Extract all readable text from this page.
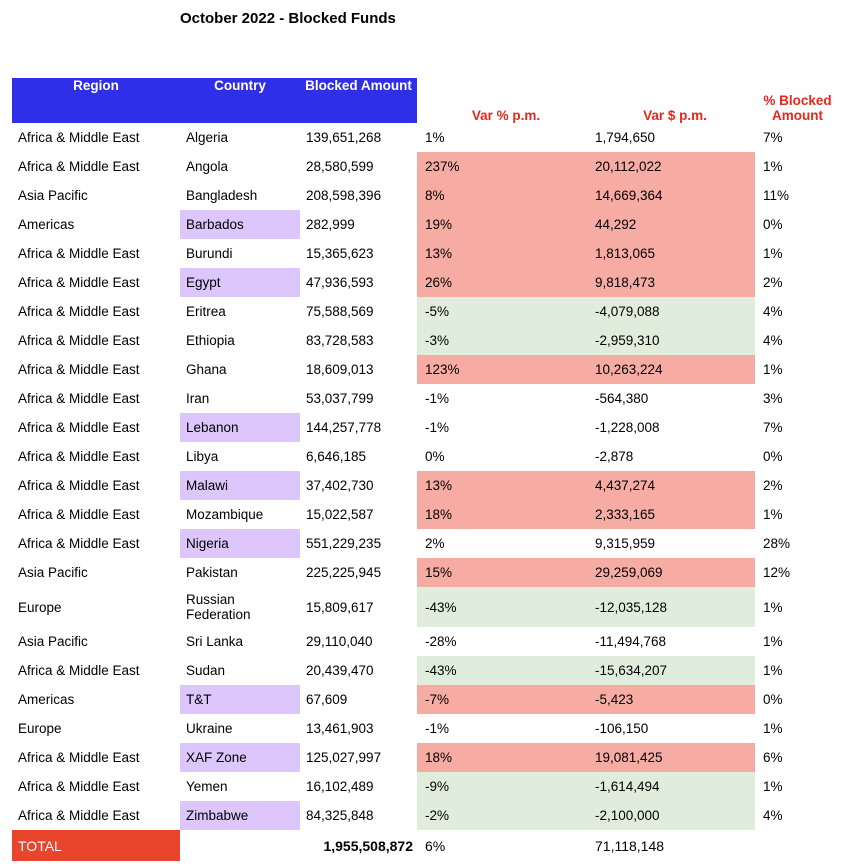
October 2022 - Blocked Funds
Region	Country	Blocked Amount	Var % p.m.	Var $ p.m.	% Blocked
Amount

Africa & Middle East	Algeria	139,651,268	1%	1,794,650	7%
Africa & Middle East	Angola	28,580,599	237%	20,112,022	1%
Asia Pacific	Bangladesh	208,598,396	8%	14,669,364	11%
Americas	Barbados	282,999	19%	44,292	0%
Africa & Middle East	Burundi	15,365,623	13%	1,813,065	1%
Africa & Middle East	Egypt	47,936,593	26%	9,818,473	2%
Africa & Middle East	Eritrea	75,588,569	-5%	-4,079,088	4%
Africa & Middle East	Ethiopia	83,728,583	-3%	-2,959,310	4%
Africa & Middle East	Ghana	18,609,013	123%	10,263,224	1%
Africa & Middle East	Iran	53,037,799	-1%	-564,380	3%
Africa & Middle East	Lebanon	144,257,778	-1%	-1,228,008	7%
Africa & Middle East	Libya	6,646,185	0%	-2,878	0%
Africa & Middle East	Malawi	37,402,730	13%	4,437,274	2%
Africa & Middle East	Mozambique	15,022,587	18%	2,333,165	1%
Africa & Middle East	Nigeria	551,229,235	2%	9,315,959	28%
Asia Pacific	Pakistan	225,225,945	15%	29,259,069	12%
Europe	Russian Federation	15,809,617	-43%	-12,035,128	1%
Asia Pacific	Sri Lanka	29,110,040	-28%	-11,494,768	1%
Africa & Middle East	Sudan	20,439,470	-43%	-15,634,207	1%
Americas	T&T	67,609	-7%	-5,423	0%
Europe	Ukraine	13,461,903	-1%	-106,150	1%
Africa & Middle East	XAF Zone	125,027,997	18%	19,081,425	6%
Africa & Middle East	Yemen	16,102,489	-9%	-1,614,494	1%
Africa & Middle East	Zimbabwe	84,325,848	-2%	-2,100,000	4%
TOTAL		1,955,508,872	6%	71,118,148	
